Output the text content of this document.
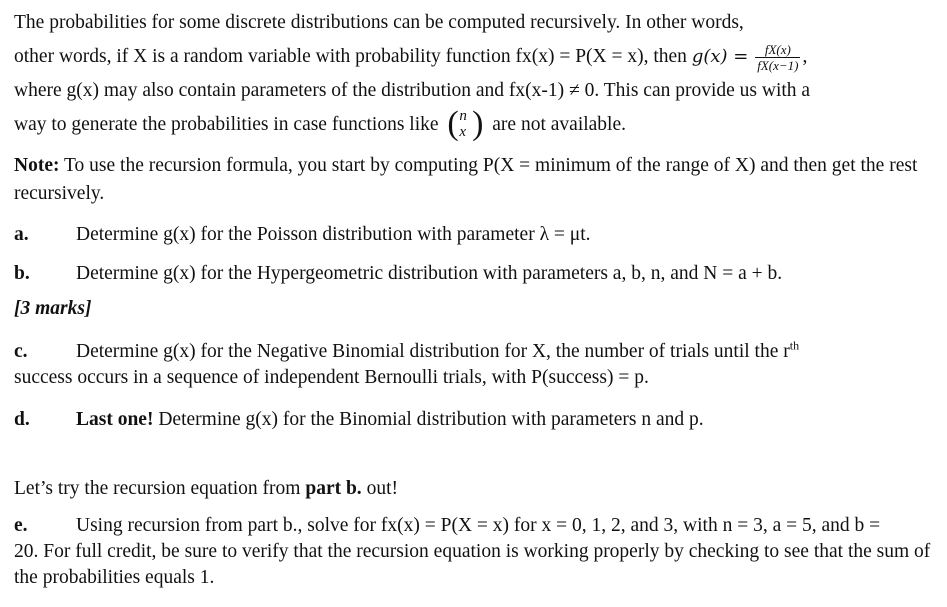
The probabilities for some discrete distributions can be computed recursively. In other words,

other words, if X is a random variable with probability function fx(x) = P(X = x), then $g(x) = \frac{fX(x)}{fX(x-1)}$ ,

where g(x) may also contain parameters of the distribution and fx(x-1) ≠ 0. This can provide us with a

way to generate the probabilities in case functions like ( n
x ) are not available.

Note: To use the recursion formula, you start by computing P(X = minimum of the range of X) and then get the rest recursively.

a. Determine g(x) for the Poisson distribution with parameter λ = μt.

b. Determine g(x) for the Hypergeometric distribution with parameters a, b, n, and N = a + b.

[3 marks]

c. Determine g(x) for the Negative Binomial distribution for X, the number of trials until the $r^{th}$
success occurs in a sequence of independent Bernoulli trials, with P(success) = p.

d. Last one! Determine g(x) for the Binomial distribution with parameters n and p.

Let’s try the recursion equation from part b. out!

e. Using recursion from part b., solve for fx(x) = P(X = x) for x = 0, 1, 2, and 3, with n = 3, a = 5, and b =
20. For full credit, be sure to verify that the recursion equation is working properly by checking to see that the sum of the probabilities equals 1.
